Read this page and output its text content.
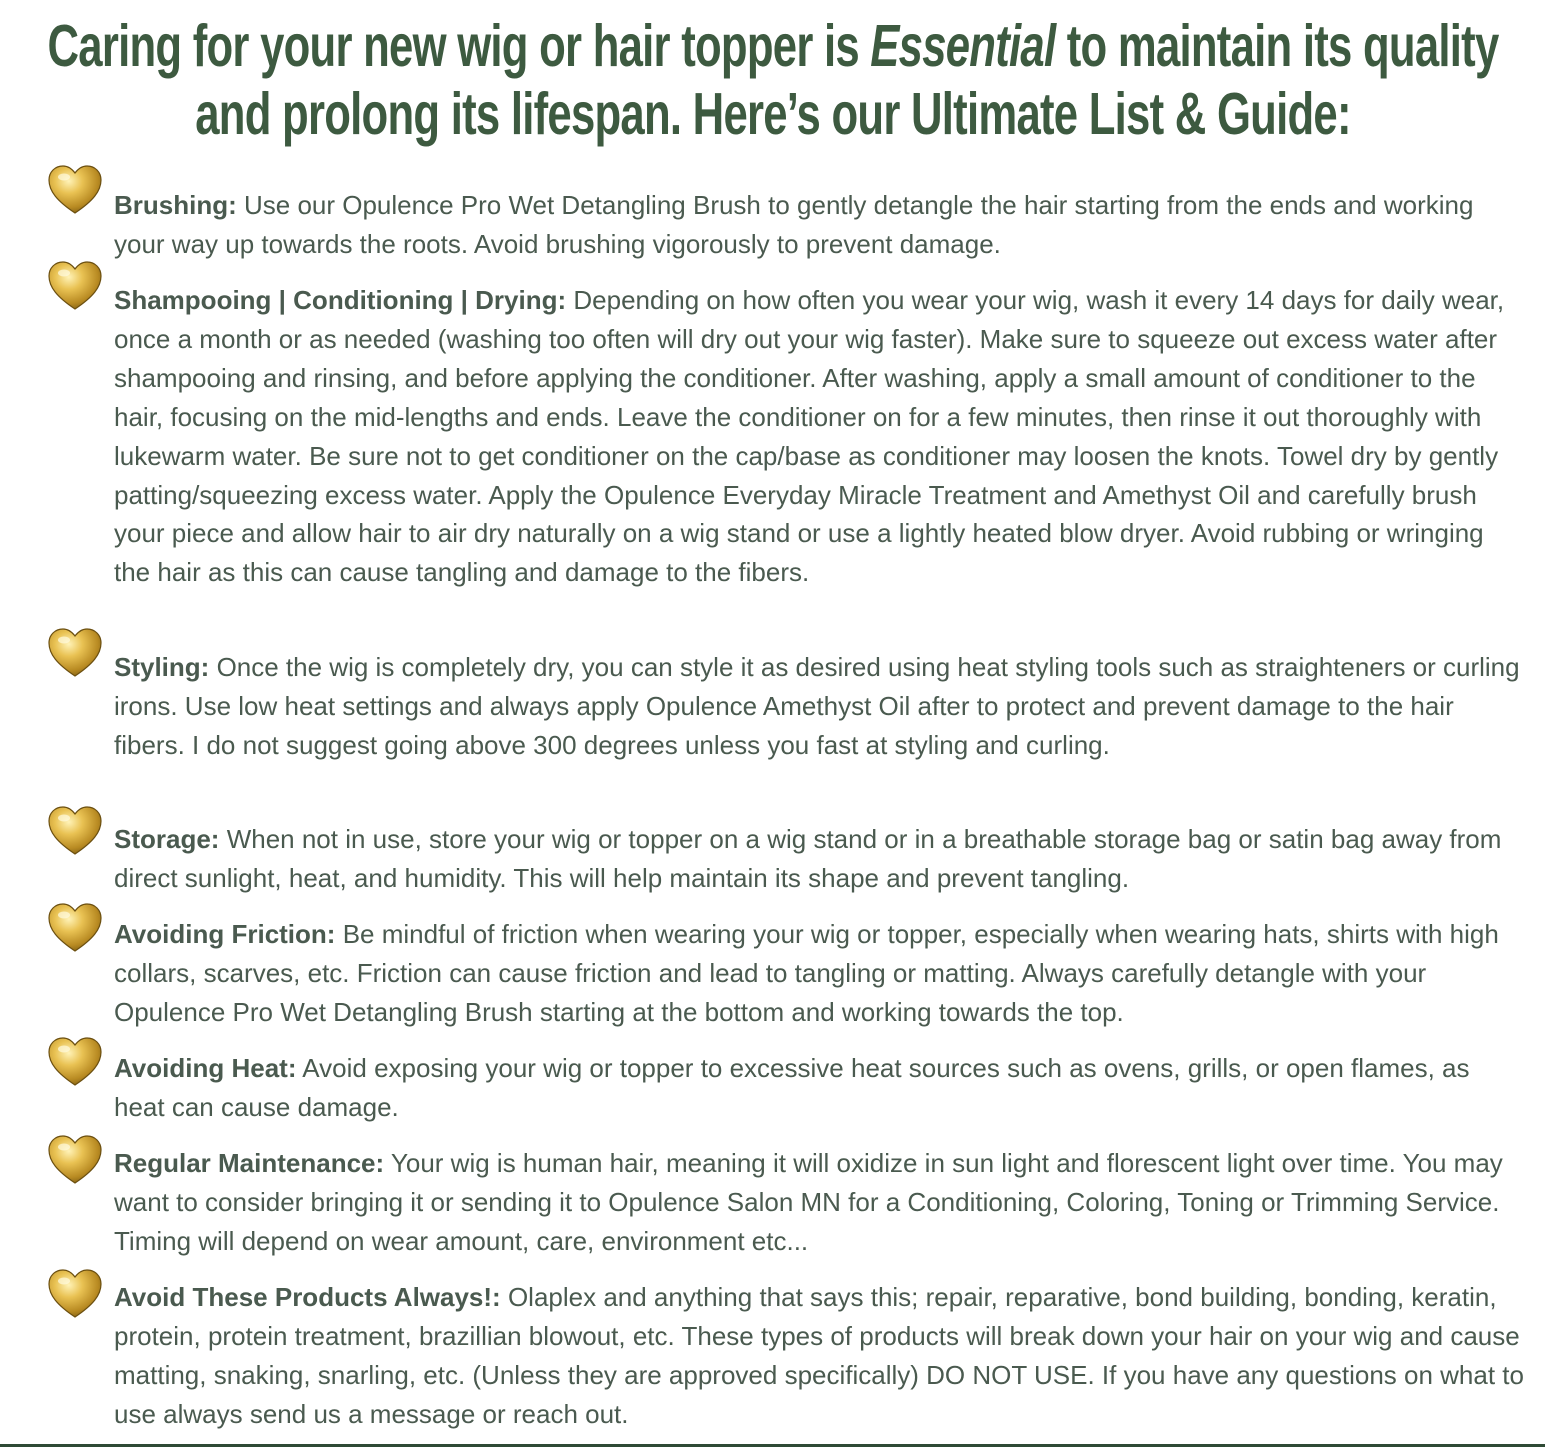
Caring for your new wig or hair topper is Essential to maintain its quality and prolong its lifespan. Here’s our Ultimate List & Guide:

Brushing: Use our Opulence Pro Wet Detangling Brush to gently detangle the hair starting from the ends and working your way up towards the roots. Avoid brushing vigorously to prevent damage.

Shampooing | Conditioning | Drying: Depending on how often you wear your wig, wash it every 14 days for daily wear, once a month or as needed (washing too often will dry out your wig faster). Make sure to squeeze out excess water after shampooing and rinsing, and before applying the conditioner. After washing, apply a small amount of conditioner to the hair, focusing on the mid-lengths and ends. Leave the conditioner on for a few minutes, then rinse it out thoroughly with lukewarm water. Be sure not to get conditioner on the cap/base as conditioner may loosen the knots. Towel dry by gently patting/squeezing excess water. Apply the Opulence Everyday Miracle Treatment and Amethyst Oil and carefully brush your piece and allow hair to air dry naturally on a wig stand or use a lightly heated blow dryer. Avoid rubbing or wringing the hair as this can cause tangling and damage to the fibers.

Styling: Once the wig is completely dry, you can style it as desired using heat styling tools such as straighteners or curling irons. Use low heat settings and always apply Opulence Amethyst Oil after to protect and prevent damage to the hair fibers. I do not suggest going above 300 degrees unless you fast at styling and curling.

Storage: When not in use, store your wig or topper on a wig stand or in a breathable storage bag or satin bag away from direct sunlight, heat, and humidity. This will help maintain its shape and prevent tangling.

Avoiding Friction: Be mindful of friction when wearing your wig or topper, especially when wearing hats, shirts with high collars, scarves, etc. Friction can cause friction and lead to tangling or matting. Always carefully detangle with your Opulence Pro Wet Detangling Brush starting at the bottom and working towards the top.

Avoiding Heat: Avoid exposing your wig or topper to excessive heat sources such as ovens, grills, or open flames, as heat can cause damage.

Regular Maintenance: Your wig is human hair, meaning it will oxidize in sun light and florescent light over time. You may want to consider bringing it or sending it to Opulence Salon MN for a Conditioning, Coloring, Toning or Trimming Service. Timing will depend on wear amount, care, environment etc...

Avoid These Products Always!: Olaplex and anything that says this; repair, reparative, bond building, bonding, keratin, protein, protein treatment, brazillian blowout, etc. These types of products will break down your hair on your wig and cause matting, snaking, snarling, etc. (Unless they are approved specifically) DO NOT USE. If you have any questions on what to use always send us a message or reach out.
